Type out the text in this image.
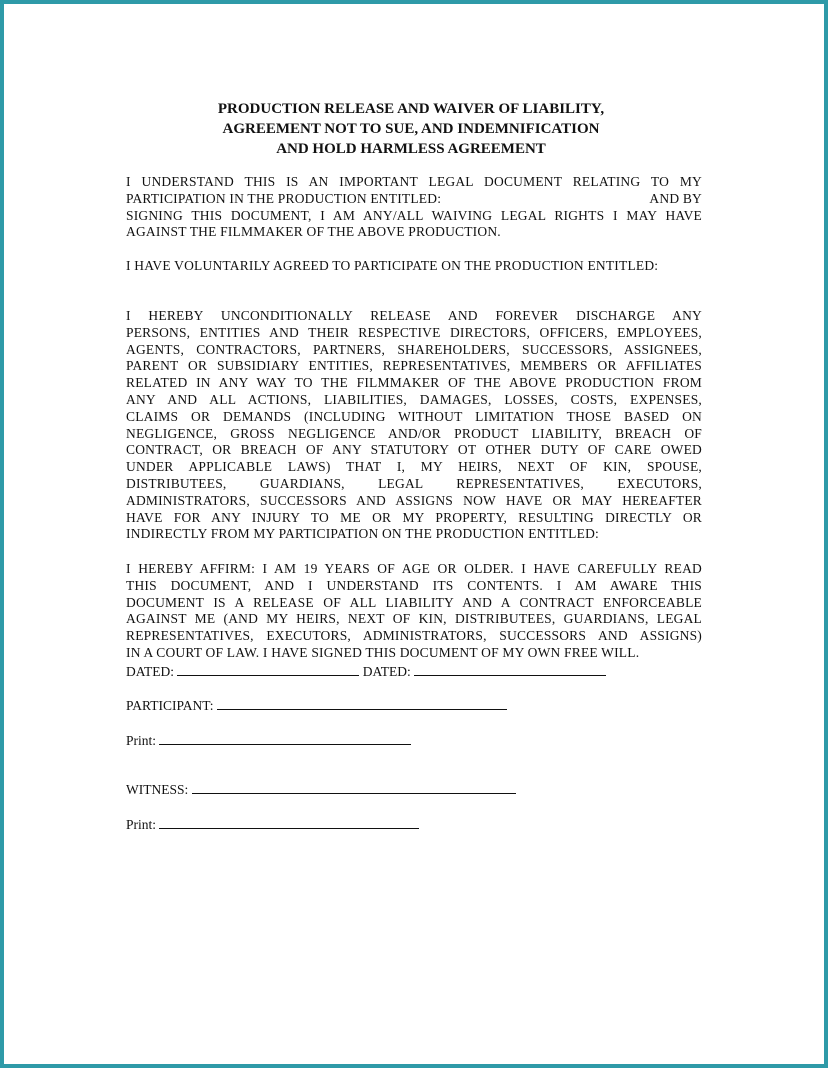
PRODUCTION RELEASE AND WAIVER OF LIABILITY,
AGREEMENT NOT TO SUE, AND INDEMNIFICATION
AND HOLD HARMLESS AGREEMENT
I UNDERSTAND THIS IS AN IMPORTANT LEGAL DOCUMENT RELATING TO MY
PARTICIPATION IN THE PRODUCTION ENTITLED:	AND BY
SIGNING THIS DOCUMENT, I AM ANY/ALL WAIVING LEGAL RIGHTS I MAY HAVE
AGAINST THE FILMMAKER OF THE ABOVE PRODUCTION.
I HAVE VOLUNTARILY AGREED TO PARTICIPATE ON THE PRODUCTION ENTITLED:
I HEREBY UNCONDITIONALLY RELEASE AND FOREVER DISCHARGE ANY
PERSONS, ENTITIES AND THEIR RESPECTIVE DIRECTORS, OFFICERS, EMPLOYEES,
AGENTS, CONTRACTORS, PARTNERS, SHAREHOLDERS, SUCCESSORS, ASSIGNEES,
PARENT OR SUBSIDIARY ENTITIES, REPRESENTATIVES, MEMBERS OR AFFILIATES
RELATED IN ANY WAY TO THE FILMMAKER OF THE ABOVE PRODUCTION FROM
ANY AND ALL ACTIONS, LIABILITIES, DAMAGES, LOSSES, COSTS, EXPENSES,
CLAIMS OR DEMANDS (INCLUDING WITHOUT LIMITATION THOSE BASED ON
NEGLIGENCE, GROSS NEGLIGENCE AND/OR PRODUCT LIABILITY, BREACH OF
CONTRACT, OR BREACH OF ANY STATUTORY OT OTHER DUTY OF CARE OWED
UNDER APPLICABLE LAWS) THAT I, MY HEIRS, NEXT OF KIN, SPOUSE,
DISTRIBUTEES, GUARDIANS, LEGAL REPRESENTATIVES, EXECUTORS,
ADMINISTRATORS, SUCCESSORS AND ASSIGNS NOW HAVE OR MAY HEREAFTER
HAVE FOR ANY INJURY TO ME OR MY PROPERTY, RESULTING DIRECTLY OR
INDIRECTLY FROM MY PARTICIPATION ON THE PRODUCTION ENTITLED:
I HEREBY AFFIRM: I AM 19 YEARS OF AGE OR OLDER. I HAVE CAREFULLY READ
THIS DOCUMENT, AND I UNDERSTAND ITS CONTENTS. I AM AWARE THIS
DOCUMENT IS A RELEASE OF ALL LIABILITY AND A CONTRACT ENFORCEABLE
AGAINST ME (AND MY HEIRS, NEXT OF KIN, DISTRIBUTEES, GUARDIANS, LEGAL
REPRESENTATIVES, EXECUTORS, ADMINISTRATORS, SUCCESSORS AND ASSIGNS)
IN A COURT OF LAW. I HAVE SIGNED THIS DOCUMENT OF MY OWN FREE WILL.
DATED:	DATED:
PARTICIPANT:
Print:
WITNESS:
Print:
